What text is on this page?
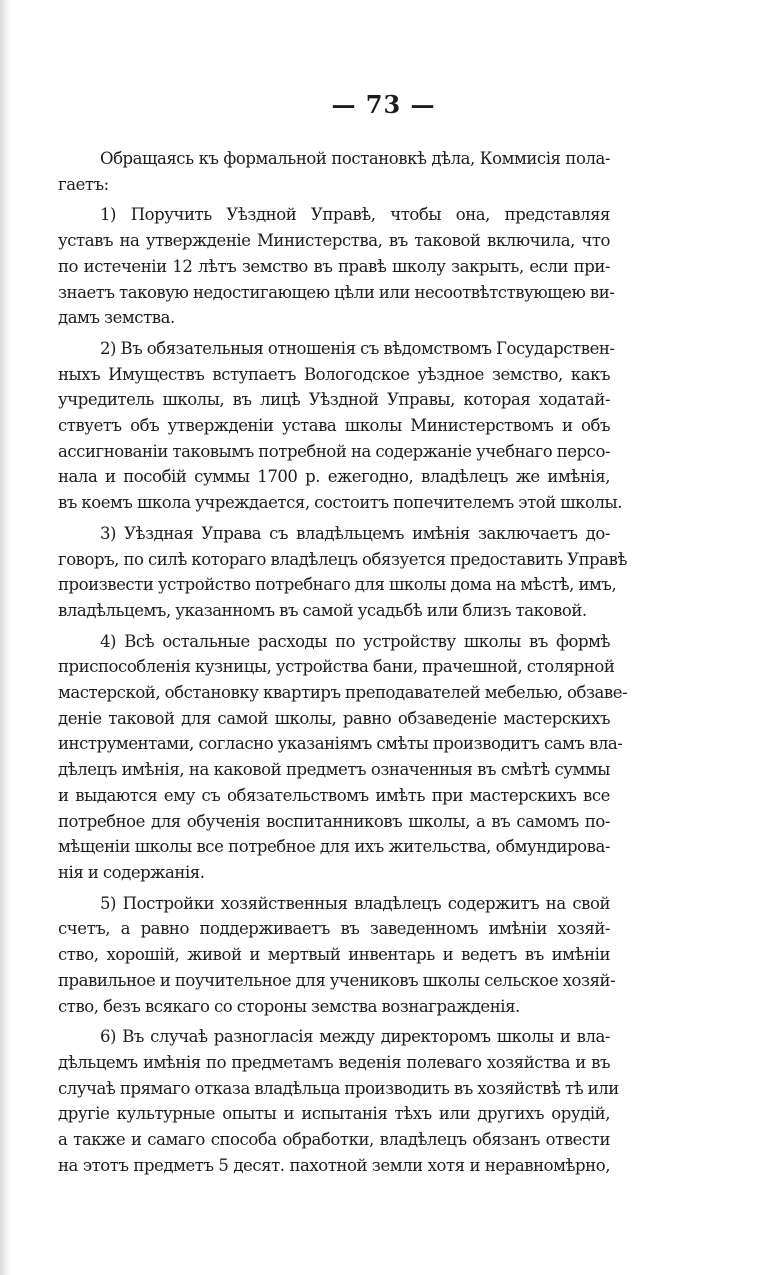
— 73 —

Обращаясь къ формальной постановкѣ дѣла, Коммисія пола-
гаетъ:

1) Поручить Уѣздной Управѣ, чтобы она, представляя
уставъ на утвержденіе Министерства, въ таковой включила, что
по истеченіи 12 лѣтъ земство въ правѣ школу закрыть, если при-
знаетъ таковую недостигающею цѣли или несоотвѣтствующею ви-
дамъ земства.

2) Въ обязательныя отношенія съ вѣдомствомъ Государствен-
ныхъ Имуществъ вступаетъ Вологодское уѣздное земство, какъ
учредитель школы, въ лицѣ Уѣздной Управы, которая ходатай-
ствуетъ объ утвержденіи устава школы Министерствомъ и объ
ассигнованіи таковымъ потребной на содержаніе учебнаго персо-
нала и пособій суммы 1700 р. ежегодно, владѣлецъ же имѣнія,
въ коемъ школа учреждается, состоитъ попечителемъ этой школы.

3) Уѣздная Управа съ владѣльцемъ имѣнія заключаетъ до-
говоръ, по силѣ котораго владѣлецъ обязуется предоставить Управѣ
произвести устройство потребнаго для школы дома на мѣстѣ, имъ,
владѣльцемъ, указанномъ въ самой усадьбѣ или близъ таковой.

4) Всѣ остальные расходы по устройству школы въ формѣ
приспособленія кузницы, устройства бани, прачешной, столярной
мастерской, обстановку квартиръ преподавателей мебелью, обзаве-
деніе таковой для самой школы, равно обзаведеніе мастерскихъ
инструментами, согласно указаніямъ смѣты производитъ самъ вла-
дѣлецъ имѣнія, на каковой предметъ означенныя въ смѣтѣ суммы
и выдаются ему съ обязательствомъ имѣть при мастерскихъ все
потребное для обученія воспитанниковъ школы, а въ самомъ по-
мѣщеніи школы все потребное для ихъ жительства, обмундирова-
нія и содержанія.

5) Постройки хозяйственныя владѣлецъ содержитъ на свой
счетъ, а равно поддерживаетъ въ заведенномъ имѣніи хозяй-
ство, хорошій, живой и мертвый инвентарь и ведетъ въ имѣніи
правильное и поучительное для учениковъ школы сельское хозяй-
ство, безъ всякаго со стороны земства вознагражденія.

6) Въ случаѣ разногласія между директоромъ школы и вла-
дѣльцемъ имѣнія по предметамъ веденія полеваго хозяйства и въ
случаѣ прямаго отказа владѣльца производить въ хозяйствѣ тѣ или
другіе культурные опыты и испытанія тѣхъ или другихъ орудій,
а также и самаго способа обработки, владѣлецъ обязанъ отвести
на этотъ предметъ 5 десят. пахотной земли хотя и неравномѣрно,
